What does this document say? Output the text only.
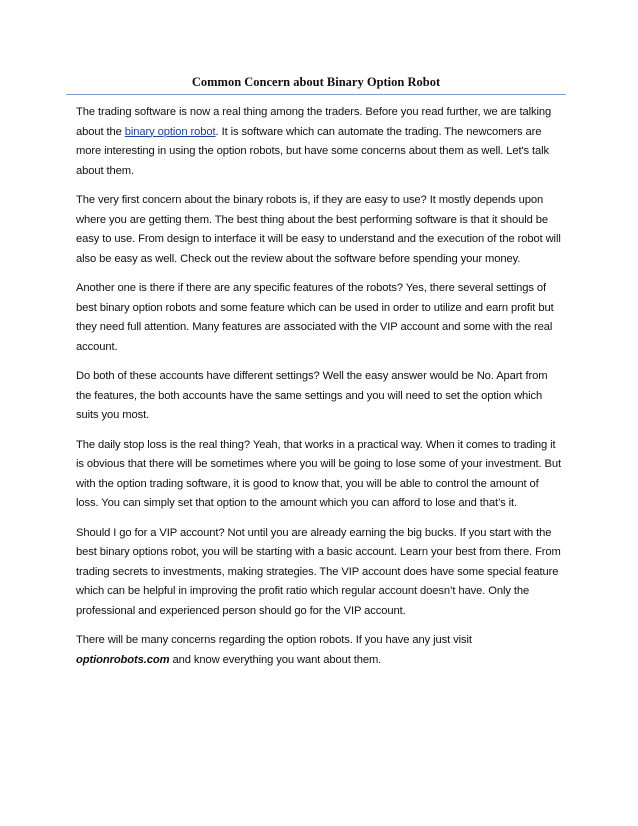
Common Concern about Binary Option Robot

The trading software is now a real thing among the traders. Before you read further, we are talking about the binary option robot. It is software which can automate the trading. The newcomers are more interesting in using the option robots, but have some concerns about them as well. Let's talk about them.

The very first concern about the binary robots is, if they are easy to use? It mostly depends upon where you are getting them. The best thing about the best performing software is that it should be easy to use. From design to interface it will be easy to understand and the execution of the robot will also be easy as well. Check out the review about the software before spending your money.

Another one is there if there are any specific features of the robots? Yes, there several settings of best binary option robots and some feature which can be used in order to utilize and earn profit but they need full attention. Many features are associated with the VIP account and some with the real account.

Do both of these accounts have different settings? Well the easy answer would be No. Apart from the features, the both accounts have the same settings and you will need to set the option which suits you most.

The daily stop loss is the real thing? Yeah, that works in a practical way. When it comes to trading it is obvious that there will be sometimes where you will be going to lose some of your investment. But with the option trading software, it is good to know that, you will be able to control the amount of loss. You can simply set that option to the amount which you can afford to lose and that’s it.

Should I go for a VIP account? Not until you are already earning the big bucks. If you start with the best binary options robot, you will be starting with a basic account. Learn your best from there. From trading secrets to investments, making strategies. The VIP account does have some special feature which can be helpful in improving the profit ratio which regular account doesn’t have. Only the professional and experienced person should go for the VIP account.

There will be many concerns regarding the option robots. If you have any just visit optionrobots.com and know everything you want about them.
